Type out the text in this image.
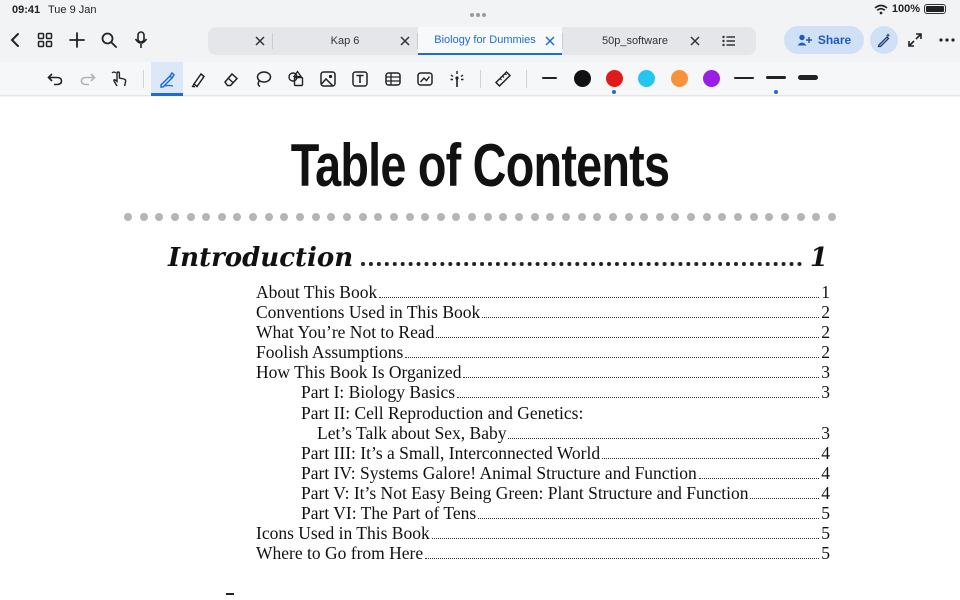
09:41 Tue 9 Jan	100%
Kap 6	Biology for Dummies	50p_software	Share
Table of Contents
Introduction	1
About This Book	1
Conventions Used in This Book	2
What You’re Not to Read	2
Foolish Assumptions	2
How This Book Is Organized	3
Part I: Biology Basics	3
Part II: Cell Reproduction and Genetics:
Let’s Talk about Sex, Baby	3
Part III: It’s a Small, Interconnected World	4
Part IV: Systems Galore! Animal Structure and Function	4
Part V: It’s Not Easy Being Green: Plant Structure and Function	4
Part VI: The Part of Tens	5
Icons Used in This Book	5
Where to Go from Here	5
